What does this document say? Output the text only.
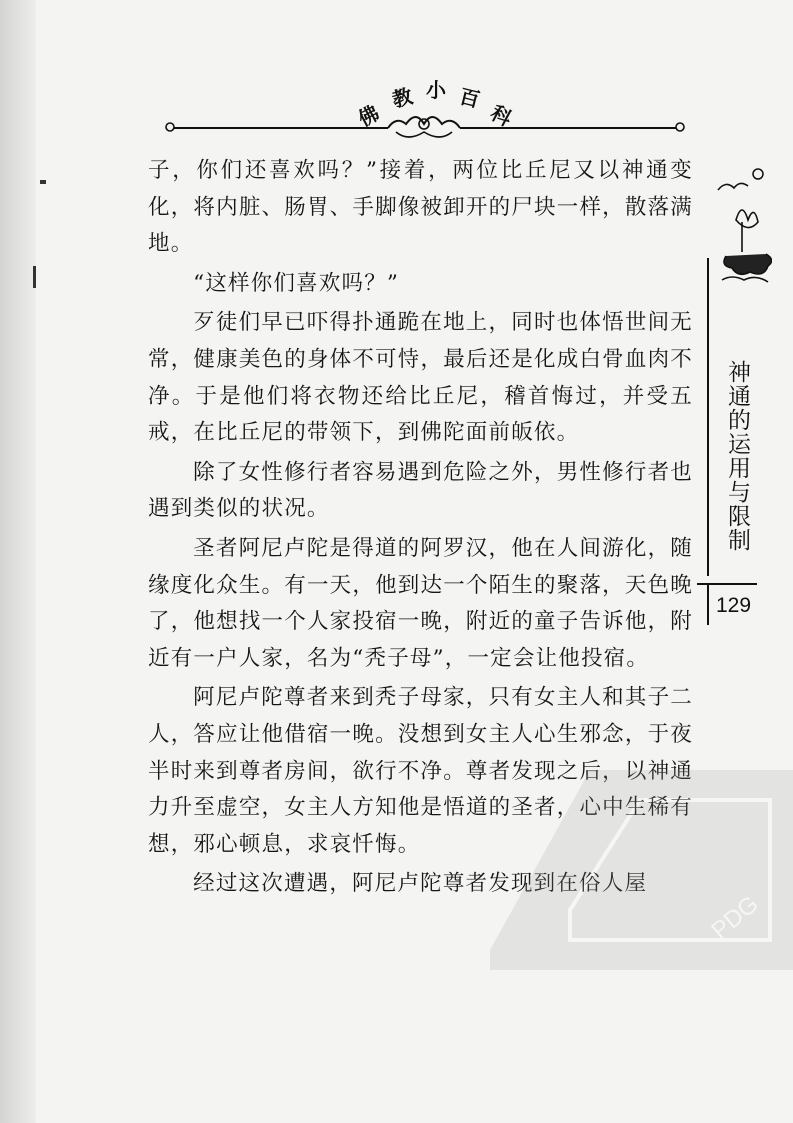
佛
教 小 百
科

子，你们还喜欢吗？”接着，两位比丘尼又以神通变化，将内脏、肠胃、手脚像被卸开的尸块一样，散落满地。

“这样你们喜欢吗？”

歹徒们早已吓得扑通跪在地上，同时也体悟世间无常，健康美色的身体不可恃，最后还是化成白骨血肉不净。于是他们将衣物还给比丘尼，稽首悔过，并受五戒，在比丘尼的带领下，到佛陀面前皈依。

除了女性修行者容易遇到危险之外，男性修行者也遇到类似的状况。

圣者阿尼卢陀是得道的阿罗汉，他在人间游化，随缘度化众生。有一天，他到达一个陌生的聚落，天色晚了，他想找一个人家投宿一晚，附近的童子告诉他，附近有一户人家，名为“秃子母”，一定会让他投宿。

阿尼卢陀尊者来到秃子母家，只有女主人和其子二人，答应让他借宿一晚。没想到女主人心生邪念，于夜半时来到尊者房间，欲行不净。尊者发现之后，以神通力升至虚空，女主人方知他是悟道的圣者，心中生稀有想，邪心顿息，求哀忏悔。

经过这次遭遇，阿尼卢陀尊者发现到在俗人屋

神通的运用与限制
129
PDG
